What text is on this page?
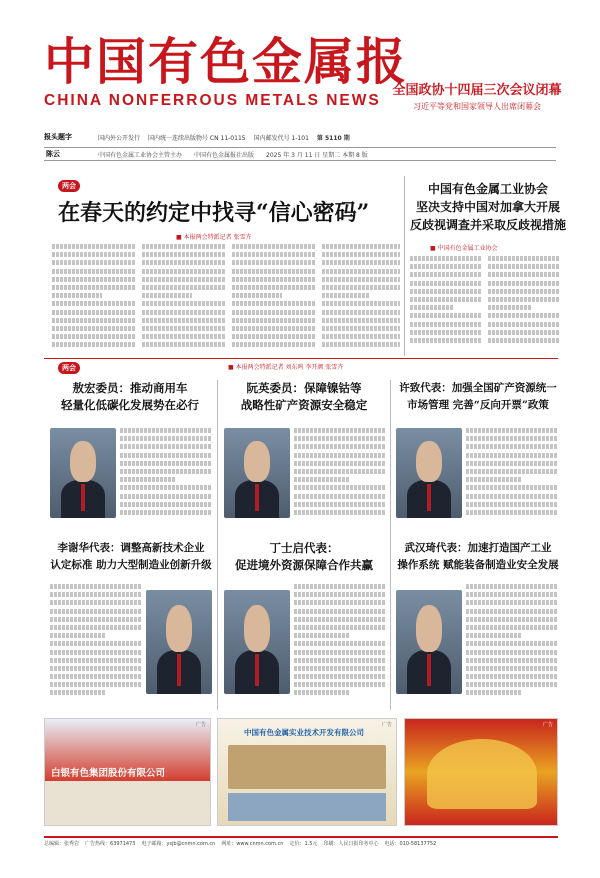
中国有色金属报
CHINA NONFERROUS METALS NEWS
全国政协十四届三次会议闭幕
习近平等党和国家领导人出席闭幕会
报头题字	国内外公开发行 国内统一连续出版物号 CN 11-0115 国内邮发代号 1-101 第 5110 期
陈云	中国有色金属工业协会主管主办 中国有色金属报社出版 2025 年 3 月 11 日 星期二 本期 8 版
两会
在春天的约定中找寻“信心密码”
■ 本报两会特派记者 张雪卉
中国有色金属工业协会
坚决支持中国对加拿大开展
反歧视调查并采取反歧视措施
■ 中国有色金属工业协会
■ 本报两会特派记者 刘东鸣 李开颜 张雪卉
两会
敖宏委员：推动商用车
轻量化低碳化发展势在必行
阮英委员：保障镍钴等
战略性矿产资源安全稳定
许致代表：加强全国矿产资源统一
市场管理 完善“反向开票”政策
李谢华代表：调整高新技术企业
认定标准 助力大型制造业创新升级
丁士启代表：
促进境外资源保障合作共赢
武汉琦代表：加速打造国产工业
操作系统 赋能装备制造业安全发展
广告
白银有色集团股份有限公司
广告
中国有色金属实业技术开发有限公司
广告
总编辑：张秀岩 广告热线：63971473 电子邮箱：ysjb@cnmn.com.cn 网址：www.cnmn.com.cn 定价：1.5元 印刷：人民日报印务中心 电话：010-58137752
